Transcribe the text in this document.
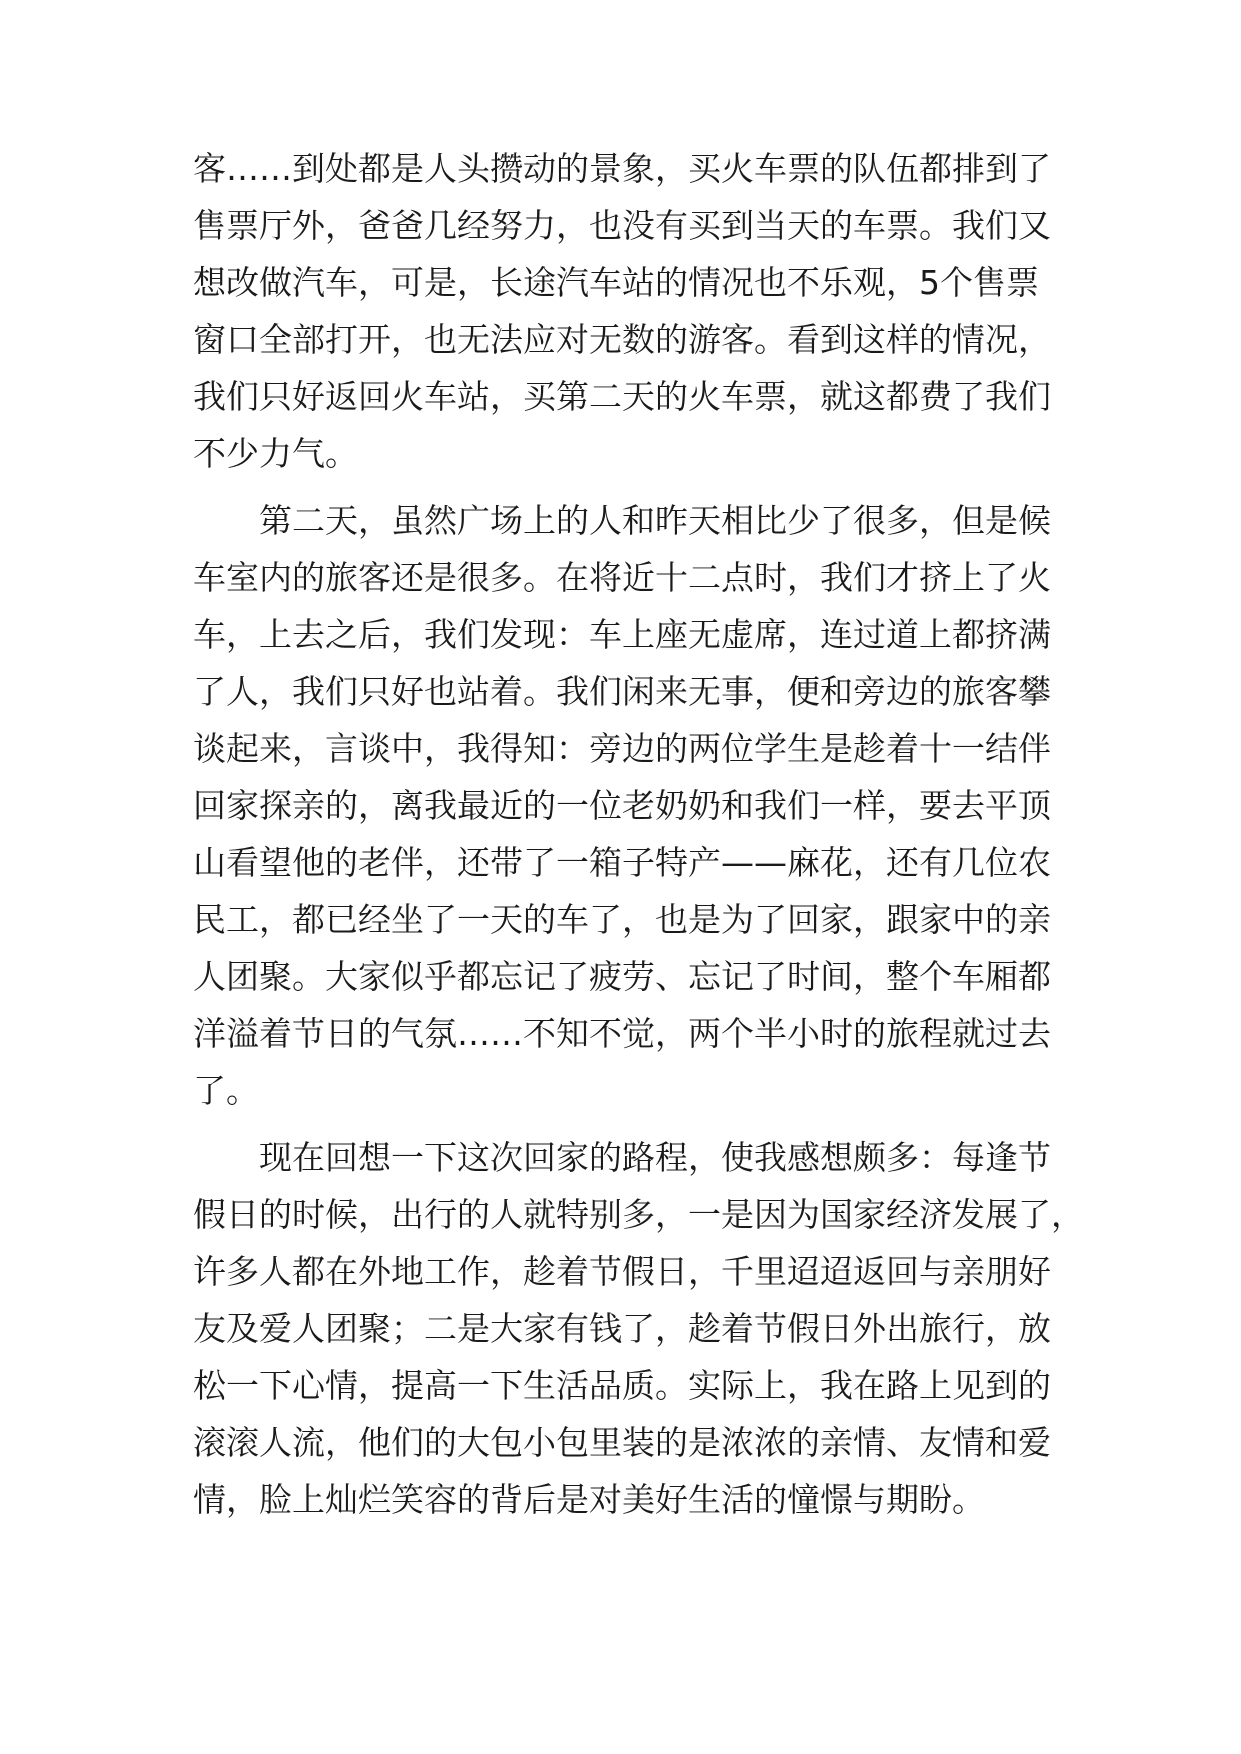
客……到处都是人头攒动的景象，买火车票的队伍都排到了
售票厅外，爸爸几经努力，也没有买到当天的车票。我们又
想改做汽车，可是，长途汽车站的情况也不乐观，5个售票
窗口全部打开，也无法应对无数的游客。看到这样的情况，
我们只好返回火车站，买第二天的火车票，就这都费了我们
不少力气。
　　第二天，虽然广场上的人和昨天相比少了很多，但是候
车室内的旅客还是很多。在将近十二点时，我们才挤上了火
车，上去之后，我们发现：车上座无虚席，连过道上都挤满
了人，我们只好也站着。我们闲来无事，便和旁边的旅客攀
谈起来，言谈中，我得知：旁边的两位学生是趁着十一结伴
回家探亲的，离我最近的一位老奶奶和我们一样，要去平顶
山看望他的老伴，还带了一箱子特产——麻花，还有几位农
民工，都已经坐了一天的车了，也是为了回家，跟家中的亲
人团聚。大家似乎都忘记了疲劳、忘记了时间，整个车厢都
洋溢着节日的气氛……不知不觉，两个半小时的旅程就过去
了。
　　现在回想一下这次回家的路程，使我感想颇多：每逢节
假日的时候，出行的人就特别多，一是因为国家经济发展了，
许多人都在外地工作，趁着节假日，千里迢迢返回与亲朋好
友及爱人团聚；二是大家有钱了，趁着节假日外出旅行，放
松一下心情，提高一下生活品质。实际上，我在路上见到的
滚滚人流，他们的大包小包里装的是浓浓的亲情、友情和爱
情，脸上灿烂笑容的背后是对美好生活的憧憬与期盼。
